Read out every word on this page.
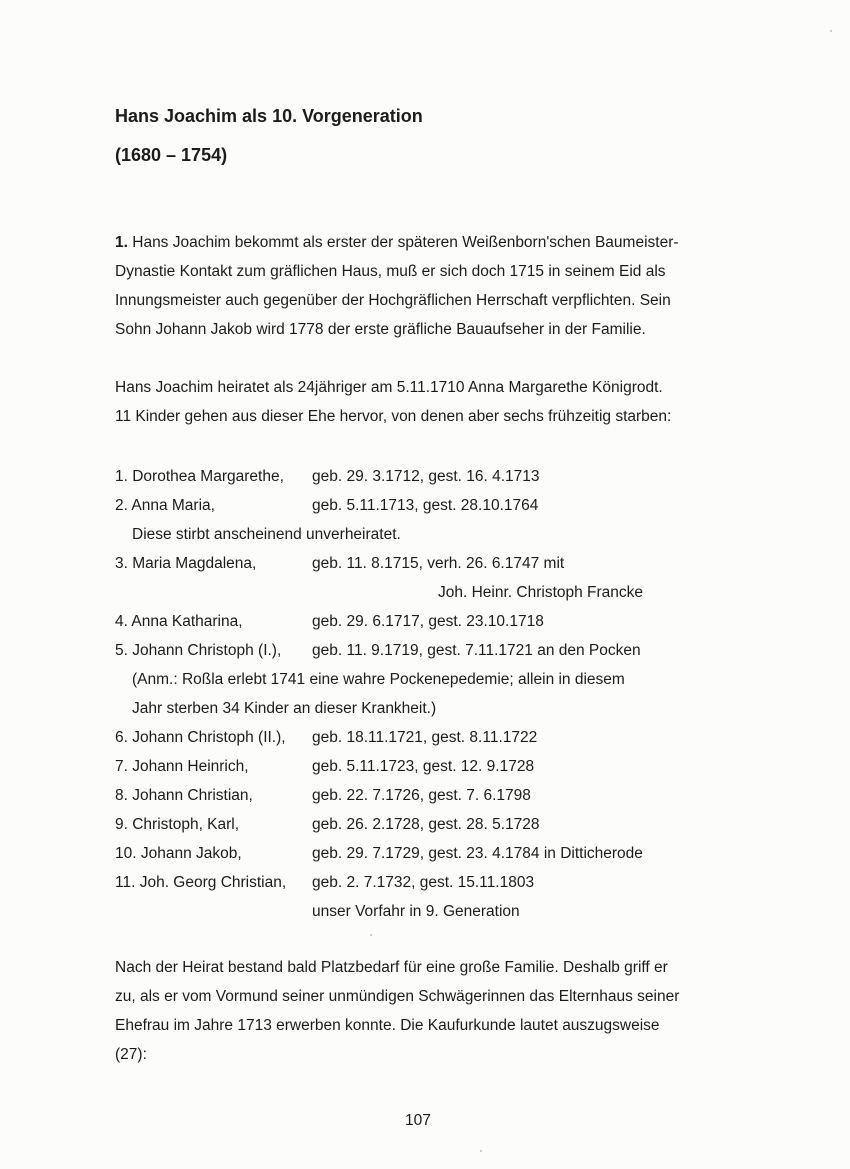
Hans Joachim als 10. Vorgeneration
(1680 – 1754)
1. Hans Joachim bekommt als erster der späteren Weißenborn'schen Baumeister-
Dynastie Kontakt zum gräflichen Haus, muß er sich doch 1715 in seinem Eid als
Innungsmeister auch gegenüber der Hochgräflichen Herrschaft verpflichten. Sein
Sohn Johann Jakob wird 1778 der erste gräfliche Bauaufseher in der Familie.
Hans Joachim heiratet als 24jähriger am 5.11.1710 Anna Margarethe Königrodt.
11 Kinder gehen aus dieser Ehe hervor, von denen aber sechs frühzeitig starben:
1. Dorothea Margarethe, geb. 29. 3.1712, gest. 16. 4.1713
2. Anna Maria,	geb. 5.11.1713, gest. 28.10.1764
Diese stirbt anscheinend unverheiratet.
3. Maria Magdalena,	geb. 11. 8.1715, verh. 26. 6.1747 mit
Joh. Heinr. Christoph Francke
4. Anna Katharina,	geb. 29. 6.1717, gest. 23.10.1718
5. Johann Christoph (I.), geb. 11. 9.1719, gest. 7.11.1721 an den Pocken
(Anm.: Roßla erlebt 1741 eine wahre Pockenepedemie; allein in diesem
Jahr sterben 34 Kinder an dieser Krankheit.)
6. Johann Christoph (II.), geb. 18.11.1721, gest. 8.11.1722
7. Johann Heinrich,	geb. 5.11.1723, gest. 12. 9.1728
8. Johann Christian,	geb. 22. 7.1726, gest. 7. 6.1798
9. Christoph, Karl,	geb. 26. 2.1728, gest. 28. 5.1728
10. Johann Jakob,	geb. 29. 7.1729, gest. 23. 4.1784 in Ditticherode
11. Joh. Georg Christian, geb. 2. 7.1732, gest. 15.11.1803
unser Vorfahr in 9. Generation
Nach der Heirat bestand bald Platzbedarf für eine große Familie. Deshalb griff er
zu, als er vom Vormund seiner unmündigen Schwägerinnen das Elternhaus seiner
Ehefrau im Jahre 1713 erwerben konnte. Die Kaufurkunde lautet auszugsweise
(27):
107
